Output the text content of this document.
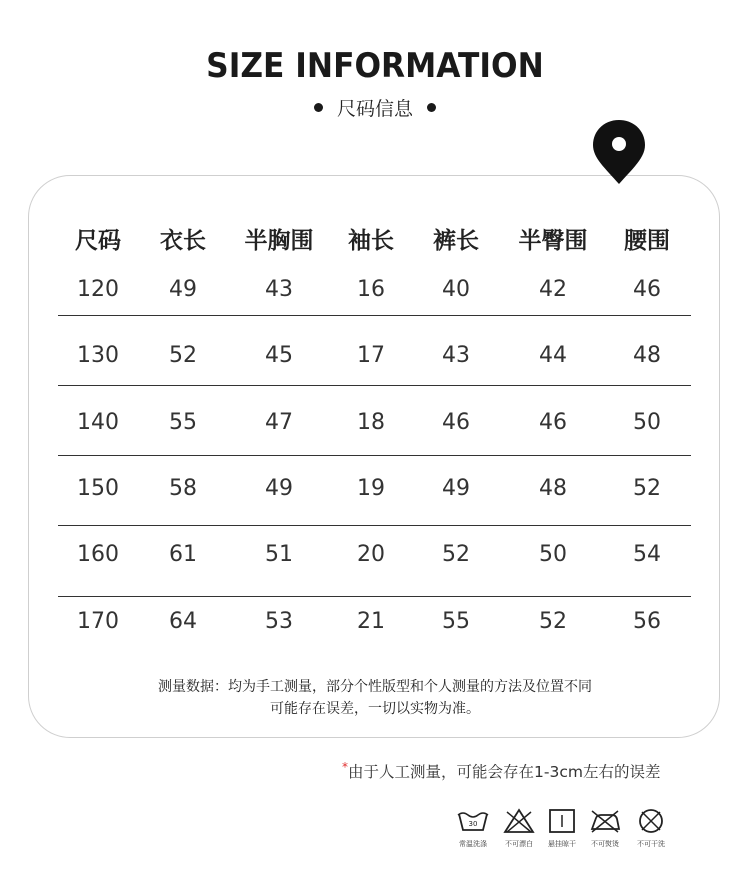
SIZE INFORMATION
尺码信息
尺码 衣长 半胸围 袖长 裤长 半臀围 腰围
120 49	43	16	40	42	46
130 52	45	17	43	44	48
140 55	47	18	46	46	50
150 58	49	19	49	48	52
160 61	51	20	52	50	54
170 64	53	21	55	52	56
测量数据：均为手工测量，部分个性版型和个人测量的方法及位置不同
可能存在误差，一切以实物为准。
*由于人工测量，可能会存在1-3cm左右的误差
30
常温洗涤	不可漂白	悬挂晾干	不可熨烫	不可干洗
